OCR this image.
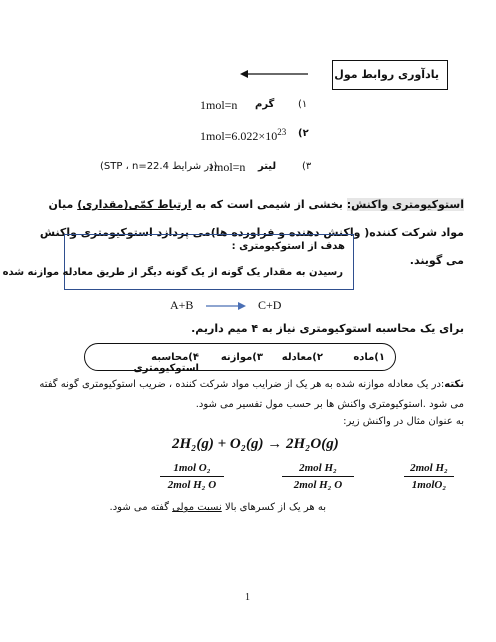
یادآوری روابط مول
1mol=n گرم (۱
$1mol=6.022\times 10^{23}$ (۲
(در شرایط STP ، n=22.4)
1mol=n لیتر	(۳
استوکیومتری واکنش: بخشی از شیمی است که به ارتباط کمّی(مقداری) میان مواد شرکت کننده( واکنش دهنده و فراورده ها)می پردازد استوکیومتری واکنش می گویند.
هدف از استوکیومتری :
رسیدن به مقدار یک گونه از یک گونه دیگر از طریق معادله موازنه شده
A+B	C+D
برای یک محاسبه استوکیومتری نیاز به ۴ میم داریم.
۱)ماده
۲)معادله
۳)موازنه
۴)محاسبه استوکیومتری
نکته:در یک معادله موازنه شده به هر یک از ضرایب مواد شرکت کننده ، ضریب استوکیومتری گونه گفته می شود .استوکیومتری واکنش ها بر حسب مول تفسیر می شود.
به عنوان مثال در واکنش زیر:
2H₂(g) + O₂(g) → 2H₂O(g)
1mol O₂
2mol H₂ O
2mol H₂
2mol H₂ O
2mol H₂
1molO₂
به هر یک از کسرهای بالا نسبت مولی گفته می شود.
1
